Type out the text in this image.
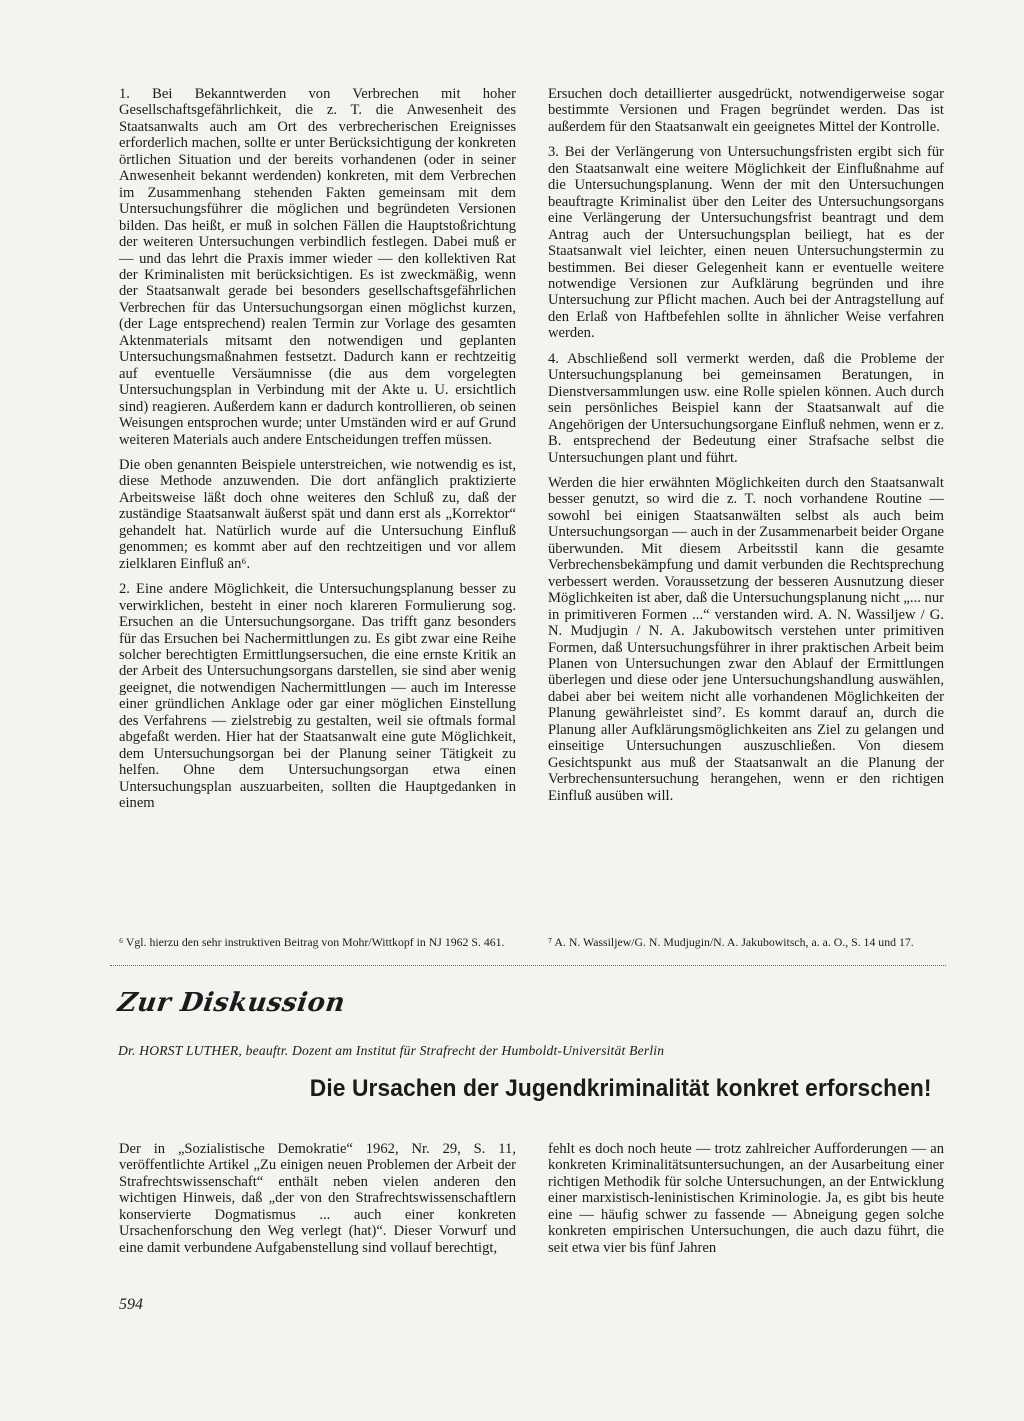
1. Bei Bekanntwerden von Verbrechen mit hoher Gesellschaftsgefährlichkeit, die z. T. die Anwesenheit des Staatsanwalts auch am Ort des verbrecherischen Ereignisses erforderlich machen, sollte er unter Berücksichtigung der konkreten örtlichen Situation und der bereits vorhandenen (oder in seiner Anwesenheit bekannt werdenden) konkreten, mit dem Verbrechen im Zusammenhang stehenden Fakten gemeinsam mit dem Untersuchungsführer die möglichen und begründeten Versionen bilden. Das heißt, er muß in solchen Fällen die Hauptstoßrichtung der weiteren Untersuchungen verbindlich festlegen. Dabei muß er — und das lehrt die Praxis immer wieder — den kollektiven Rat der Kriminalisten mit berücksichtigen. Es ist zweckmäßig, wenn der Staatsanwalt gerade bei besonders gesellschaftsgefährlichen Verbrechen für das Untersuchungsorgan einen möglichst kurzen, (der Lage entsprechend) realen Termin zur Vorlage des gesamten Aktenmaterials mitsamt den notwendigen und geplanten Untersuchungsmaßnahmen festsetzt. Dadurch kann er rechtzeitig auf eventuelle Versäumnisse (die aus dem vorgelegten Untersuchungsplan in Verbindung mit der Akte u. U. ersichtlich sind) reagieren. Außerdem kann er dadurch kontrollieren, ob seinen Weisungen entsprochen wurde; unter Umständen wird er auf Grund weiteren Materials auch andere Entscheidungen treffen müssen.

Die oben genannten Beispiele unterstreichen, wie notwendig es ist, diese Methode anzuwenden. Die dort anfänglich praktizierte Arbeitsweise läßt doch ohne weiteres den Schluß zu, daß der zuständige Staatsanwalt äußerst spät und dann erst als „Korrektor“ gehandelt hat. Natürlich wurde auf die Untersuchung Einfluß genommen; es kommt aber auf den rechtzeitigen und vor allem zielklaren Einfluß an⁶.

2. Eine andere Möglichkeit, die Untersuchungsplanung besser zu verwirklichen, besteht in einer noch klareren Formulierung sog. Ersuchen an die Untersuchungsorgane. Das trifft ganz besonders für das Ersuchen bei Nachermittlungen zu. Es gibt zwar eine Reihe solcher berechtigten Ermittlungsersuchen, die eine ernste Kritik an der Arbeit des Untersuchungsorgans darstellen, sie sind aber wenig geeignet, die notwendigen Nachermittlungen — auch im Interesse einer gründlichen Anklage oder gar einer möglichen Einstellung des Verfahrens — zielstrebig zu gestalten, weil sie oftmals formal abgefaßt werden. Hier hat der Staatsanwalt eine gute Möglichkeit, dem Untersuchungsorgan bei der Planung seiner Tätigkeit zu helfen. Ohne dem Untersuchungsorgan etwa einen Untersuchungsplan auszuarbeiten, sollten die Hauptgedanken in einem

Ersuchen doch detaillierter ausgedrückt, notwendigerweise sogar bestimmte Versionen und Fragen begründet werden. Das ist außerdem für den Staatsanwalt ein geeignetes Mittel der Kontrolle.

3. Bei der Verlängerung von Untersuchungsfristen ergibt sich für den Staatsanwalt eine weitere Möglichkeit der Einflußnahme auf die Untersuchungsplanung. Wenn der mit den Untersuchungen beauftragte Kriminalist über den Leiter des Untersuchungsorgans eine Verlängerung der Untersuchungsfrist beantragt und dem Antrag auch der Untersuchungsplan beiliegt, hat es der Staatsanwalt viel leichter, einen neuen Untersuchungstermin zu bestimmen. Bei dieser Gelegenheit kann er eventuelle weitere notwendige Versionen zur Aufklärung begründen und ihre Untersuchung zur Pflicht machen. Auch bei der Antragstellung auf den Erlaß von Haftbefehlen sollte in ähnlicher Weise verfahren werden.

4. Abschließend soll vermerkt werden, daß die Probleme der Untersuchungsplanung bei gemeinsamen Beratungen, in Dienstversammlungen usw. eine Rolle spielen können. Auch durch sein persönliches Beispiel kann der Staatsanwalt auf die Angehörigen der Untersuchungsorgane Einfluß nehmen, wenn er z. B. entsprechend der Bedeutung einer Strafsache selbst die Untersuchungen plant und führt.

Werden die hier erwähnten Möglichkeiten durch den Staatsanwalt besser genutzt, so wird die z. T. noch vorhandene Routine — sowohl bei einigen Staatsanwälten selbst als auch beim Untersuchungsorgan — auch in der Zusammenarbeit beider Organe überwunden. Mit diesem Arbeitsstil kann die gesamte Verbrechensbekämpfung und damit verbunden die Rechtsprechung verbessert werden. Voraussetzung der besseren Ausnutzung dieser Möglichkeiten ist aber, daß die Untersuchungsplanung nicht „... nur in primitiveren Formen ...“ verstanden wird. A. N. Wassiljew / G. N. Mudjugin / N. A. Jakubowitsch verstehen unter primitiven Formen, daß Untersuchungsführer in ihrer praktischen Arbeit beim Planen von Untersuchungen zwar den Ablauf der Ermittlungen überlegen und diese oder jene Untersuchungshandlung auswählen, dabei aber bei weitem nicht alle vorhandenen Möglichkeiten der Planung gewährleistet sind⁷. Es kommt darauf an, durch die Planung aller Aufklärungsmöglichkeiten ans Ziel zu gelangen und einseitige Untersuchungen auszuschließen. Von diesem Gesichtspunkt aus muß der Staatsanwalt an die Planung der Verbrechensuntersuchung herangehen, wenn er den richtigen Einfluß ausüben will.

⁶ Vgl. hierzu den sehr instruktiven Beitrag von Mohr/Wittkopf in NJ 1962 S. 461.	⁷ A. N. Wassiljew/G. N. Mudjugin/N. A. Jakubowitsch, a. a. O., S. 14 und 17.
Zur Diskussion
Dr. HORST LUTHER, beauftr. Dozent am Institut für Strafrecht der Humboldt-Universität Berlin
Die Ursachen der Jugendkriminalität konkret erforschen!

Der in „Sozialistische Demokratie“ 1962, Nr. 29, S. 11, veröffentlichte Artikel „Zu einigen neuen Problemen der Arbeit der Strafrechtswissenschaft“ enthält neben vielen anderen den wichtigen Hinweis, daß „der von den Strafrechtswissenschaftlern konservierte Dogmatismus ... auch einer konkreten Ursachenforschung den Weg verlegt (hat)“. Dieser Vorwurf und eine damit verbundene Aufgabenstellung sind vollauf berechtigt,

fehlt es doch noch heute — trotz zahlreicher Aufforderungen — an konkreten Kriminalitätsuntersuchungen, an der Ausarbeitung einer richtigen Methodik für solche Untersuchungen, an der Entwicklung einer marxistisch-leninistischen Kriminologie. Ja, es gibt bis heute eine — häufig schwer zu fassende — Abneigung gegen solche konkreten empirischen Untersuchungen, die auch dazu führt, die seit etwa vier bis fünf Jahren

594
